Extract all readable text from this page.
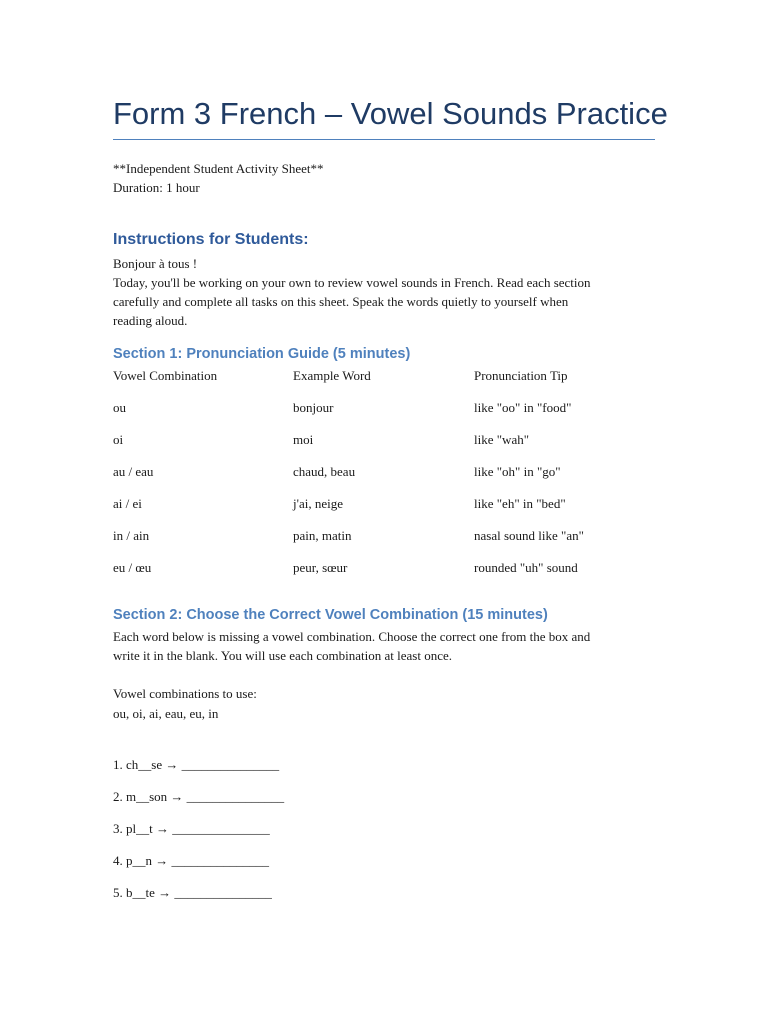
Form 3 French – Vowel Sounds Practice

**Independent Student Activity Sheet**

Duration: 1 hour

Instructions for Students:

Bonjour à tous !

Today, you'll be working on your own to review vowel sounds in French. Read each section

carefully and complete all tasks on this sheet. Speak the words quietly to yourself when

reading aloud.

Section 1: Pronunciation Guide (5 minutes)
Vowel Combination	Example Word	Pronunciation Tip
ou	bonjour	like "oo" in "food"
oi	moi	like "wah"
au / eau	chaud, beau	like "oh" in "go"
ai / ei	j'ai, neige	like "eh" in "bed"
in / ain	pain, matin	nasal sound like "an"
eu / œu	peur, sœur	rounded "uh" sound
Section 2: Choose the Correct Vowel Combination (15 minutes)

Each word below is missing a vowel combination. Choose the correct one from the box and

write it in the blank. You will use each combination at least once.

Vowel combinations to use:

ou, oi, ai, eau, eu, in

1. ch__se → _______________

2. m__son → _______________

3. pl__t → _______________

4. p__n → _______________

5. b__te → _______________
